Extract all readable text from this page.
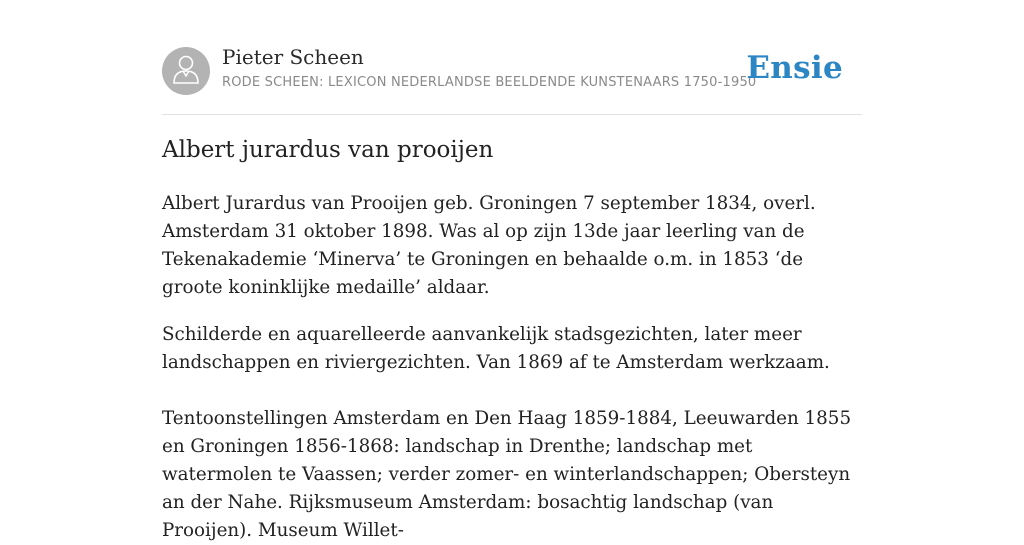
Pieter Scheen
RODE SCHEEN: LEXICON NEDERLANDSE BEELDENDE KUNSTENAARS 1750-1950
Ensie
Albert jurardus van prooijen

Albert Jurardus van Prooijen geb. Groningen 7 september 1834, overl. Amsterdam 31 oktober 1898. Was al op zijn 13de jaar leerling van de Tekenakademie ‘Minerva’ te Groningen en behaalde o.m. in 1853 ‘de groote koninklijke medaille’ aldaar.

Schilderde en aquarelleerde aanvankelijk stadsgezichten, later meer landschappen en riviergezichten. Van 1869 af te Amsterdam werkzaam.

Tentoonstellingen Amsterdam en Den Haag 1859-1884, Leeuwarden 1855 en Groningen 1856-1868: landschap in Drenthe; landschap met watermolen te Vaassen; verder zomer- en winterlandschappen; Obersteyn an der Nahe. Rijksmuseum Amsterdam: bosachtig landschap (van Prooijen). Museum Willet-
